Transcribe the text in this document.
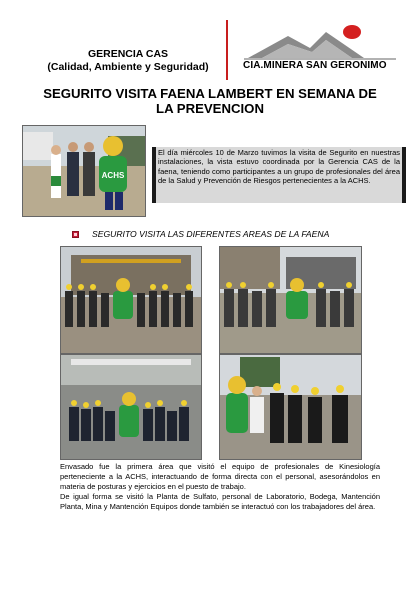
GERENCIA CAS
(Calidad, Ambiente y Seguridad)	CIA.MINERA SAN GERONIMO
SEGURITO VISITA FAENA LAMBERT EN SEMANA DE
LA PREVENCION
ACHS
El día miércoles 10 de Marzo tuvimos la visita de Segurito en nuestras instalaciones, la vista estuvo coordinada por la Gerencia CAS de la faena, teniendo como participantes a un grupo de profesionales del área de la Salud y Prevención de Riesgos pertenecientes a la ACHS.
SEGURITO VISITA LAS DIFERENTES AREAS DE LA FAENA

Envasado fue la primera área que visitó el equipo de profesionales de Kinesiología perteneciente a la ACHS, interactuando de forma directa con el personal, asesorándolos en materia de posturas y ejercicios en el puesto de trabajo.

De igual forma se visitó la Planta de Sulfato, personal de Laboratorio, Bodega, Mantención Planta, Mina y Mantención Equipos donde también se interactuó con los trabajadores del área.
